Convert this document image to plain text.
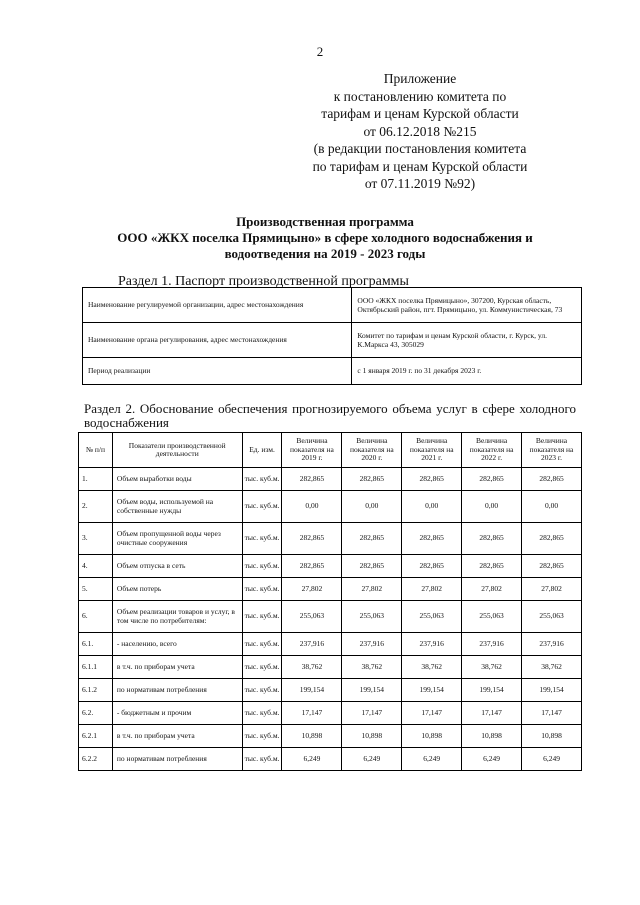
2
Приложение
к постановлению комитета по
тарифам и ценам Курской области
от 06.12.2018 №215
(в редакции постановления комитета
по тарифам и ценам Курской области
от 07.11.2019 №92)
Производственная программа
ООО «ЖКХ поселка Прямицыно» в сфере холодного водоснабжения и
водоотведения на 2019 - 2023 годы
Раздел 1. Паспорт производственной программы
Наименование регулируемой организации, адрес местонахождения	ООО «ЖКХ поселка Прямицыно», 307200, Курская область, Октябрьский район, пгт. Прямицыно, ул. Коммунистическая, 73
Наименование органа регулирования, адрес местонахождения	Комитет по тарифам и ценам Курской области, г. Курск, ул. К.Маркса 43, 305029
Период реализации	с 1 января 2019 г. по 31 декабря 2023 г.
Раздел 2. Обоснование обеспечения прогнозируемого объема услуг в сфере холодного водоснабжения
№ п/п	Показатели производственной деятельности	Ед. изм.	Величина показателя на 2019 г.	Величина показателя на 2020 г.	Величина показателя на 2021 г.	Величина показателя на 2022 г.	Величина показателя на 2023 г.
1.	Объем выработки воды	тыс. куб.м.	282,865	282,865	282,865	282,865	282,865
2.	Объем воды, используемой на собственные нужды	тыс. куб.м.	0,00	0,00	0,00	0,00	0,00
3.	Объем пропущенной воды через очистные сооружения	тыс. куб.м.	282,865	282,865	282,865	282,865	282,865
4.	Объем отпуска в сеть	тыс. куб.м.	282,865	282,865	282,865	282,865	282,865
5.	Объем потерь	тыс. куб.м.	27,802	27,802	27,802	27,802	27,802
6.	Объем реализации товаров и услуг, в том числе по потребителям:	тыс. куб.м.	255,063	255,063	255,063	255,063	255,063
6.1.	- населению, всего	тыс. куб.м.	237,916	237,916	237,916	237,916	237,916
6.1.1	в т.ч. по приборам учета	тыс. куб.м.	38,762	38,762	38,762	38,762	38,762
6.1.2	по нормативам потребления	тыс. куб.м.	199,154	199,154	199,154	199,154	199,154
6.2.	- бюджетным и прочим	тыс. куб.м.	17,147	17,147	17,147	17,147	17,147
6.2.1	в т.ч. по приборам учета	тыс. куб.м.	10,898	10,898	10,898	10,898	10,898
6.2.2	по нормативам потребления	тыс. куб.м.	6,249	6,249	6,249	6,249	6,249
